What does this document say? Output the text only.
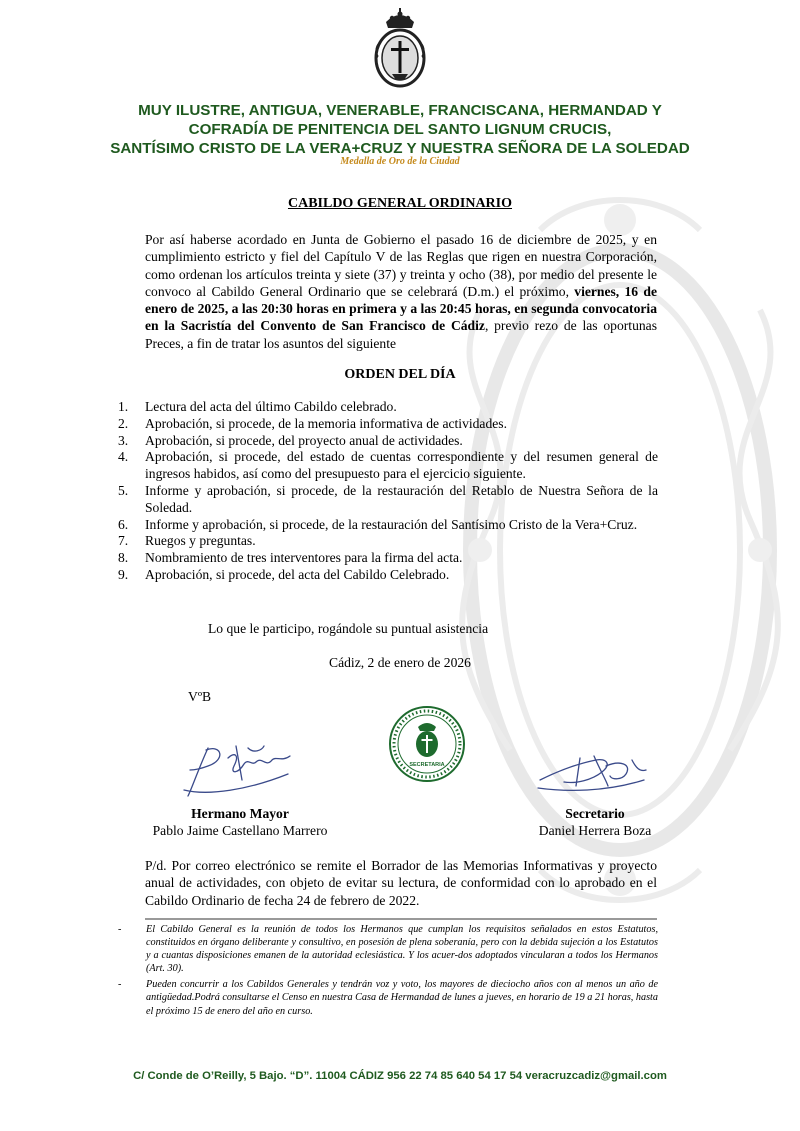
MUY ILUSTRE, ANTIGUA, VENERABLE, FRANCISCANA, HERMANDAD Y
COFRADÍA DE PENITENCIA DEL SANTO LIGNUM CRUCIS,
SANTÍSIMO CRISTO DE LA VERA+CRUZ Y NUESTRA SEÑORA DE LA SOLEDAD
Medalla de Oro de la Ciudad
CABILDO GENERAL ORDINARIO
Por así haberse acordado en Junta de Gobierno el pasado 16 de diciembre de 2025, y en cumplimiento estricto y fiel del Capítulo V de las Reglas que rigen en nuestra Corporación, como ordenan los artículos treinta y siete (37) y treinta y ocho (38), por medio del presente le convoco al Cabildo General Ordinario que se celebrará (D.m.) el próximo, viernes, 16 de enero de 2025, a las 20:30 horas en primera y a las 20:45 horas, en segunda convocatoria en la Sacristía del Convento de San Francisco de Cádiz, previo rezo de las oportunas Preces, a fin de tratar los asuntos del siguiente
ORDEN DEL DÍA
1. Lectura del acta del último Cabildo celebrado.
2. Aprobación, si procede, de la memoria informativa de actividades.
3. Aprobación, si procede, del proyecto anual de actividades.
4. Aprobación, si procede, del estado de cuentas correspondiente y del resumen general de ingresos habidos, así como del presupuesto para el ejercicio siguiente.
5. Informe y aprobación, si procede, de la restauración del Retablo de Nuestra Señora de la Soledad.
6. Informe y aprobación, si procede, de la restauración del Santísimo Cristo de la Vera+Cruz.
7. Ruegos y preguntas.
8. Nombramiento de tres interventores para la firma del acta.
9. Aprobación, si procede, del acta del Cabildo Celebrado.
Lo que le participo, rogándole su puntual asistencia
Cádiz, 2 de enero de 2026
VºB
SECRETARIA
Hermano Mayor
Pablo Jaime Castellano Marrero
Secretario
Daniel Herrera Boza
P/d. Por correo electrónico se remite el Borrador de las Memorias Informativas y proyecto anual de actividades, con objeto de evitar su lectura, de conformidad con lo aprobado en el Cabildo Ordinario de fecha 24 de febrero de 2022.
- El Cabildo General es la reunión de todos los Hermanos que cumplan los requisitos señalados en estos Estatutos, constituidos en órgano deliberante y consultivo, en posesión de plena soberanía, pero con la debida sujeción a los Estatutos y a cuantas disposiciones emanen de la autoridad eclesiástica. Y los acuer-dos adoptados vincularan a todos los Hermanos (Art. 30).
- Pueden concurrir a los Cabildos Generales y tendrán voz y voto, los mayores de dieciocho años con al menos un año de antigüedad.Podrá consultarse el Censo en nuestra Casa de Hermandad de lunes a jueves, en horario de 19 a 21 horas, hasta el próximo 15 de enero del año en curso.
C/ Conde de O’Reilly, 5 Bajo. “D”. 11004 CÁDIZ 956 22 74 85 640 54 17 54 veracruzcadiz@gmail.com
